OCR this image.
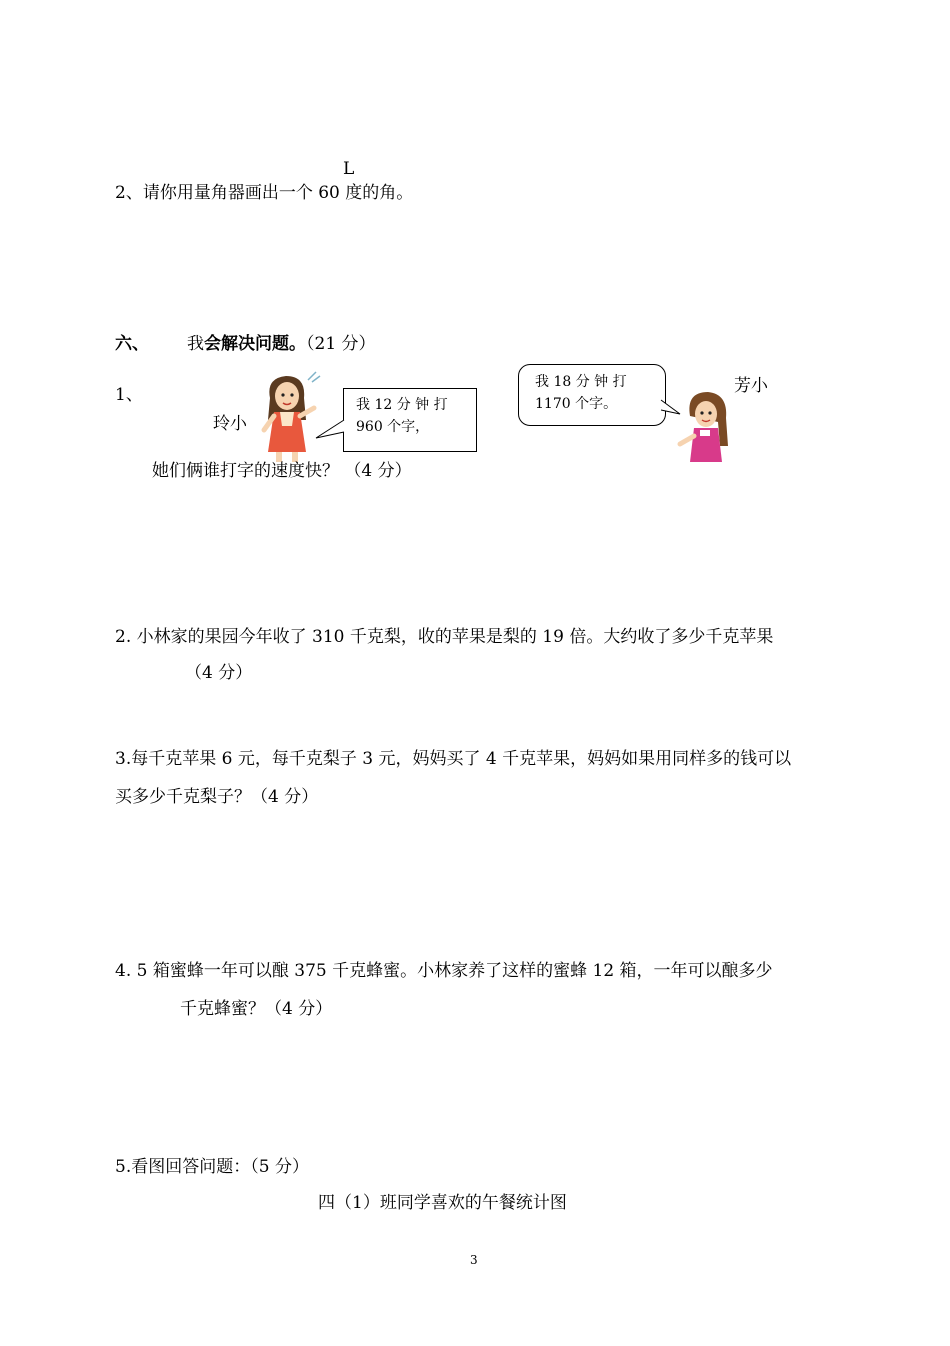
L
2、请你用量角器画出一个 60 度的角。
六、 我会解决问题。（21 分）
1、
玲小
我 12 分 钟 打
960 个字，
我 18 分 钟 打
1170 个字。
芳小
她们俩谁打字的速度快？ （4 分）
2. 小林家的果园今年收了 310 千克梨，收的苹果是梨的 19 倍。大约收了多少千克苹果
（4 分）
3.每千克苹果 6 元，每千克梨子 3 元，妈妈买了 4 千克苹果，妈妈如果用同样多的钱可以
买多少千克梨子？（4 分）
4. 5 箱蜜蜂一年可以酿 375 千克蜂蜜。小林家养了这样的蜜蜂 12 箱，一年可以酿多少
千克蜂蜜？（4 分）
5.看图回答问题：（5 分）
四（1）班同学喜欢的午餐统计图
3
